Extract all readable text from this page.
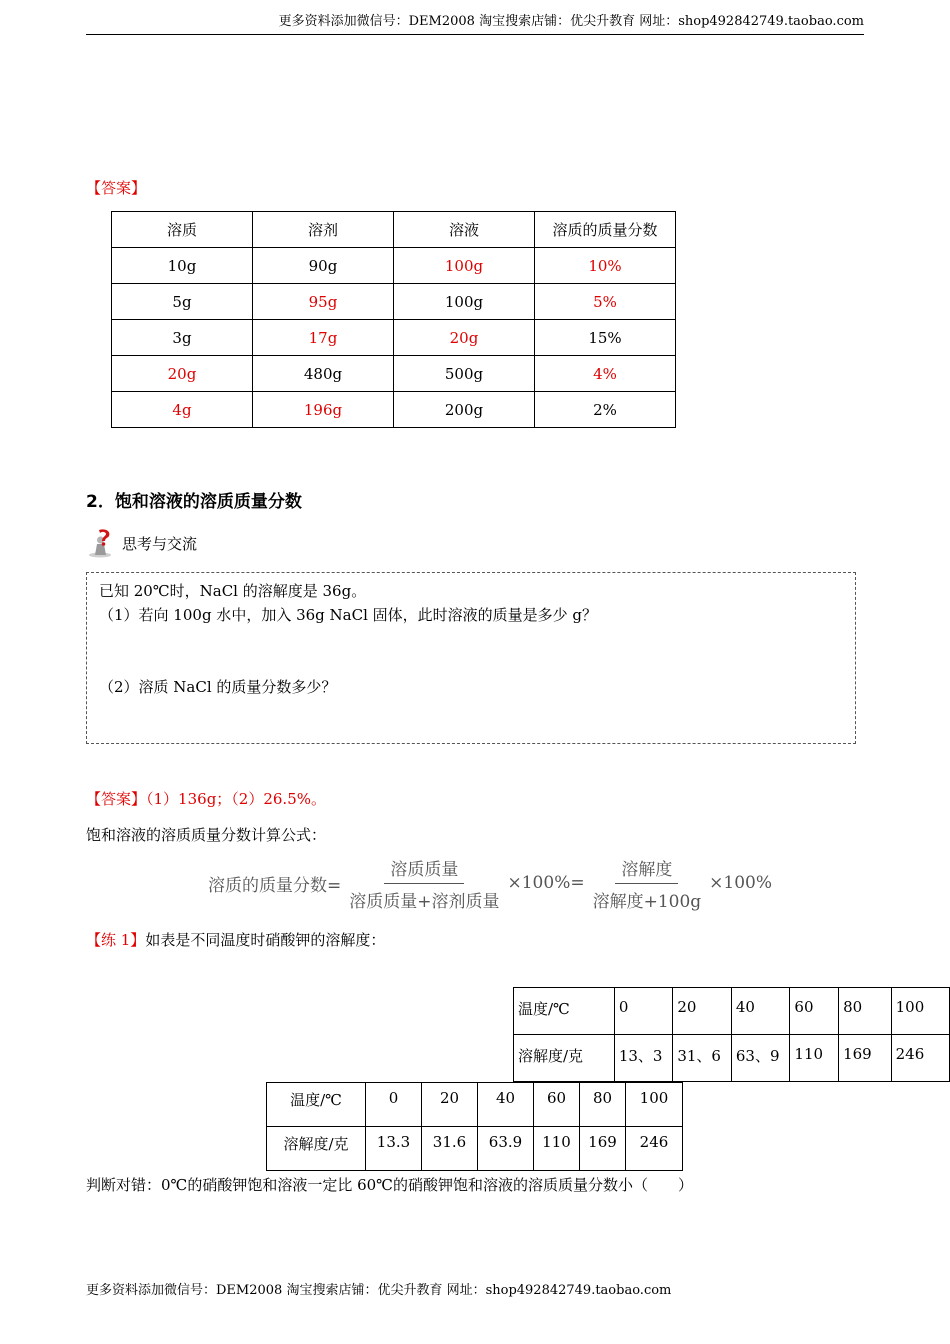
更多资料添加微信号：DEM2008 淘宝搜索店铺：优尖升教育 网址：shop492842749.taobao.com
【答案】
溶质	溶剂	溶液	溶质的质量分数
10g	90g	100g	10%
5g	95g	100g	5%
3g	17g	20g	15%
20g	480g	500g	4%
4g	196g	200g	2%
2．饱和溶液的溶质质量分数
思考与交流
已知 20℃时，NaCl 的溶解度是 36g。
（1）若向 100g 水中，加入 36g NaCl 固体，此时溶液的质量是多少 g？
（2）溶质 NaCl 的质量分数多少？
【答案】（1）136g；（2）26.5%。
饱和溶液的溶质质量分数计算公式：
溶质的质量分数= $\frac{\text{溶质质量}}{\text{溶质质量+溶剂质量}} \times 100\%= \frac{\text{溶解度}}{\text{溶解度+100g}} \times 100\%$
【练 1】如表是不同温度时硝酸钾的溶解度：
温度/℃	0	20	40	60	80	100
溶解度/克	13、3	31、6	63、9	110	169	246
温度/℃	0	20	40	60	80	100
溶解度/克	13.3	31.6	63.9	110	169	246
判断对错：0℃的硝酸钾饱和溶液一定比 60℃的硝酸钾饱和溶液的溶质质量分数小（　　）
更多资料添加微信号：DEM2008 淘宝搜索店铺：优尖升教育 网址：shop492842749.taobao.com
